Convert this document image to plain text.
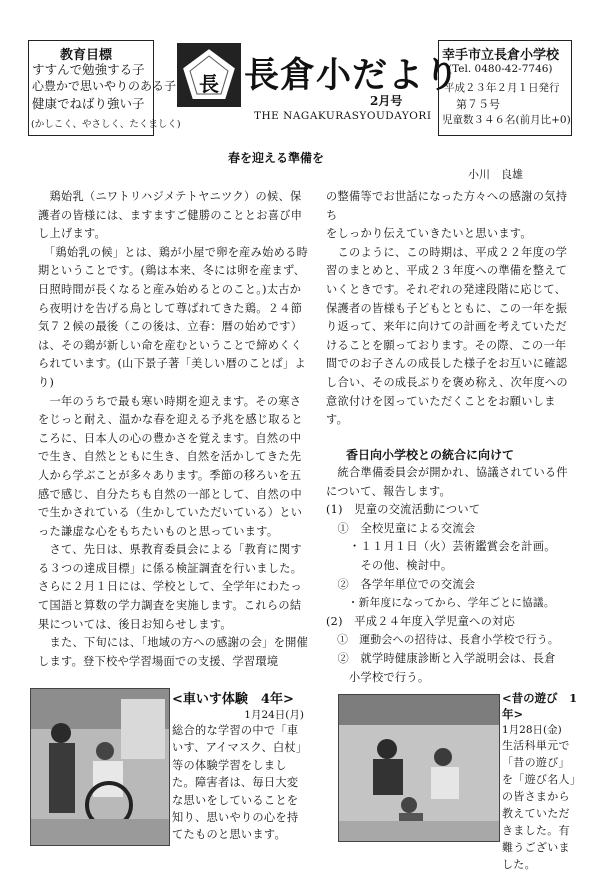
教育目標
すすんで勉強する子
心豊かで思いやりのある子
健康でねばり強い子
(かしこく、やさしく、たくましく)
長 長倉小だより
2月号
THE NAGAKURASYOUDAYORI
幸手市立長倉小学校
(Tel. 0480-42-7746)
平成２３年２月１日発行
第７５号
児童数３４６名(前月比+0)
春を迎える準備を
小川　良雄
　鶏始乳（ニワトリハジメテトヤニツク）の候、保護者の皆様には、ますますご健勝のこととお喜び申し上げます。
　「鶏始乳の候」とは、鶏が小屋で卵を産み始める時期ということです。(鶏は本来、冬には卵を産まず、日照時間が長くなると産み始めるとのこと。)太古から夜明けを告げる鳥として尊ばれてきた鶏。２４節気７２候の最後（この後は、立春：暦の始めです）は、その鶏が新しい命を産むということで締めくくられています。(山下景子著「美しい暦のことば」より)
　一年のうちで最も寒い時期を迎えます。その寒さをじっと耐え、温かな春を迎える予兆を感じ取るところに、日本人の心の豊かさを覚えます。自然の中で生き、自然とともに生き、自然を活かしてきた先人から学ぶことが多々あります。季節の移ろいを五感で感じ、自分たちも自然の一部として、自然の中で生かされている（生かしていただいている）といった謙虚な心をもちたいものと思っています。
　さて、先日は、県教育委員会による「教育に関する３つの達成目標」に係る検証調査を行いました。さらに２月１日には、学校として、全学年にわたって国語と算数の学力調査を実施します。これらの結果については、後日お知らせします。
　また、下旬には、「地域の方への感謝の会」を開催します。登下校や学習場面での支援、学習環境
の整備等でお世話になった方々への感謝の気持ち
をしっかり伝えていきたいと思います。
　このように、この時期は、平成２２年度の学習のまとめと、平成２３年度への準備を整えていくときです。それぞれの発達段階に応じて、保護者の皆様も子どもとともに、この一年を振り返って、来年に向けての計画を考えていただけることを願っております。その際、この一年間でのお子さんの成長した様子をお互いに確認し合い、その成長ぶりを褒め称え、次年度への意欲付けを図っていただくことをお願いします。
香日向小学校との統合に向けて
　統合準備委員会が開かれ、協議されている件について、報告します。
(1)　児童の交流活動について
　①　全校児童による交流会
　　・１１月１日（火）芸術鑑賞会を計画。
　　　その他、検討中。
　②　各学年単位での交流会
　　・新年度になってから、学年ごとに協議。
(2)　平成２４年度入学児童への対応
　①　運動会への招待は、長倉小学校で行う。
　②　就学時健康診断と入学説明会は、長倉
　　小学校で行う。
<車いす体験　4年>
1月24日(月)
総合的な学習の中で「車いす、アイマスク、白杖」等の体験学習をしました。障害者は、毎日大変な思いをしていることを知り、思いやりの心を持てたものと思います。
<昔の遊び　1年>
1月28日(金)
生活科単元で「昔の遊び」を「遊び名人」の皆さまから教えていただきました。有難うございました。
